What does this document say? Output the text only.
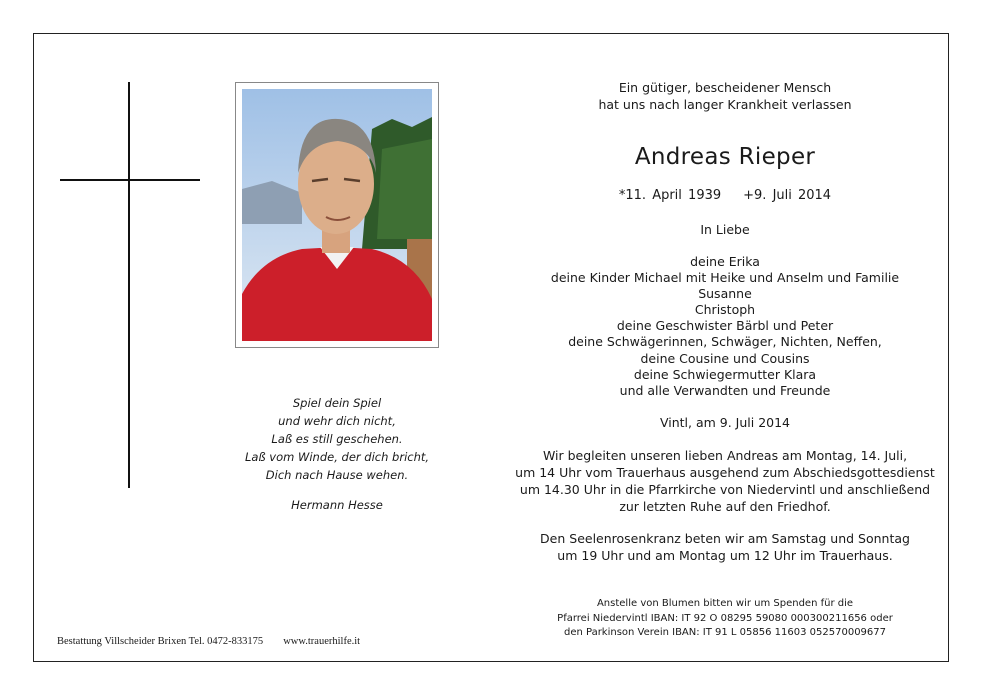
Spiel dein Spiel
und wehr dich nicht,
Laß es still geschehen.
Laß vom Winde, der dich bricht,
Dich nach Hause wehen.
Hermann Hesse
Ein gütiger, bescheidener Mensch
hat uns nach langer Krankheit verlassen
Andreas Rieper
*11. April 1939 +9. Juli 2014
In Liebe
deine Erika
deine Kinder Michael mit Heike und Anselm und Familie
Susanne
Christoph
deine Geschwister Bärbl und Peter
deine Schwägerinnen, Schwäger, Nichten, Neffen,
deine Cousine und Cousins
deine Schwiegermutter Klara
und alle Verwandten und Freunde
Vintl, am 9. Juli 2014
Wir begleiten unseren lieben Andreas am Montag, 14. Juli,
um 14 Uhr vom Trauerhaus ausgehend zum Abschiedsgottesdienst
um 14.30 Uhr in die Pfarrkirche von Niedervintl und anschließend
zur letzten Ruhe auf den Friedhof.
Den Seelenrosenkranz beten wir am Samstag und Sonntag
um 19 Uhr und am Montag um 12 Uhr im Trauerhaus.
Anstelle von Blumen bitten wir um Spenden für die
Pfarrei Niedervintl IBAN: IT 92 O 08295 59080 000300211656 oder
den Parkinson Verein IBAN: IT 91 L 05856 11603 052570009677
Bestattung Villscheider Brixen Tel. 0472-833175 www.trauerhilfe.it
